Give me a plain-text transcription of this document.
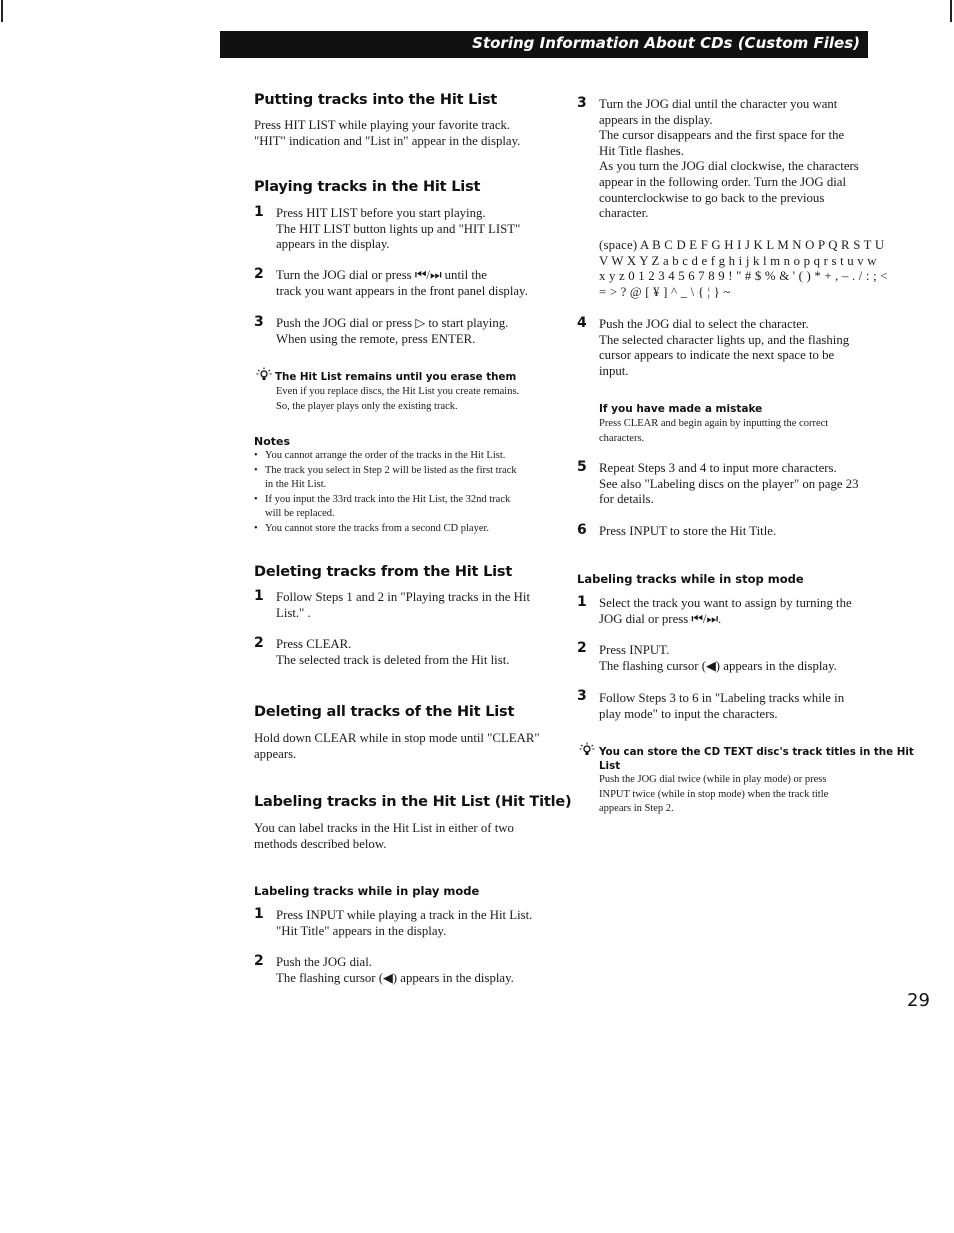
Storing Information About CDs (Custom Files)
Putting tracks into the Hit List
Press HIT LIST while playing your favorite track.
"HIT" indication and "List in" appear in the display.
Playing tracks in the Hit List
1 Press HIT LIST before you start playing.
The HIT LIST button lights up and "HIT LIST"
appears in the display.
2 Turn the JOG dial or press ⏮/⏭ until the
track you want appears in the front panel display.
3 Push the JOG dial or press ▷ to start playing.
When using the remote, press ENTER.
The Hit List remains until you erase them
Even if you replace discs, the Hit List you create remains.
So, the player plays only the existing track.
Notes
• You cannot arrange the order of the tracks in the Hit List.
• The track you select in Step 2 will be listed as the first track
in the Hit List.
• If you input the 33rd track into the Hit List, the 32nd track
will be replaced.
• You cannot store the tracks from a second CD player.
Deleting tracks from the Hit List
1 Follow Steps 1 and 2 in "Playing tracks in the Hit
List." .
2 Press CLEAR.
The selected track is deleted from the Hit list.
Deleting all tracks of the Hit List
Hold down CLEAR while in stop mode until "CLEAR"
appears.
Labeling tracks in the Hit List (Hit Title)
You can label tracks in the Hit List in either of two
methods described below.
Labeling tracks while in play mode
1 Press INPUT while playing a track in the Hit List.
"Hit Title" appears in the display.
2 Push the JOG dial.
The flashing cursor (◀) appears in the display.
3 Turn the JOG dial until the character you want
appears in the display.
The cursor disappears and the first space for the
Hit Title flashes.
As you turn the JOG dial clockwise, the characters
appear in the following order. Turn the JOG dial
counterclockwise to go back to the previous
character.
(space) A B C D E F G H I J K L M N O P Q R S T U
V W X Y Z a b c d e f g h i j k l m n o p q r s t u v w
x y z 0 1 2 3 4 5 6 7 8 9 ! " # $ % & ' ( ) * + , – . / : ; <
= > ? @ [ ¥ ] ^ _ \ { ¦ } ~
4 Push the JOG dial to select the character.
The selected character lights up, and the flashing
cursor appears to indicate the next space to be
input.
If you have made a mistake
Press CLEAR and begin again by inputting the correct
characters.
5 Repeat Steps 3 and 4 to input more characters.
See also "Labeling discs on the player" on page 23
for details.
6 Press INPUT to store the Hit Title.
Labeling tracks while in stop mode
1 Select the track you want to assign by turning the
JOG dial or press ⏮/⏭.
2 Press INPUT.
The flashing cursor (◀) appears in the display.
3 Follow Steps 3 to 6 in "Labeling tracks while in
play mode" to input the characters.
You can store the CD TEXT disc's track titles in the Hit
List
Push the JOG dial twice (while in play mode) or press
INPUT twice (while in stop mode) when the track title
appears in Step 2.
29
